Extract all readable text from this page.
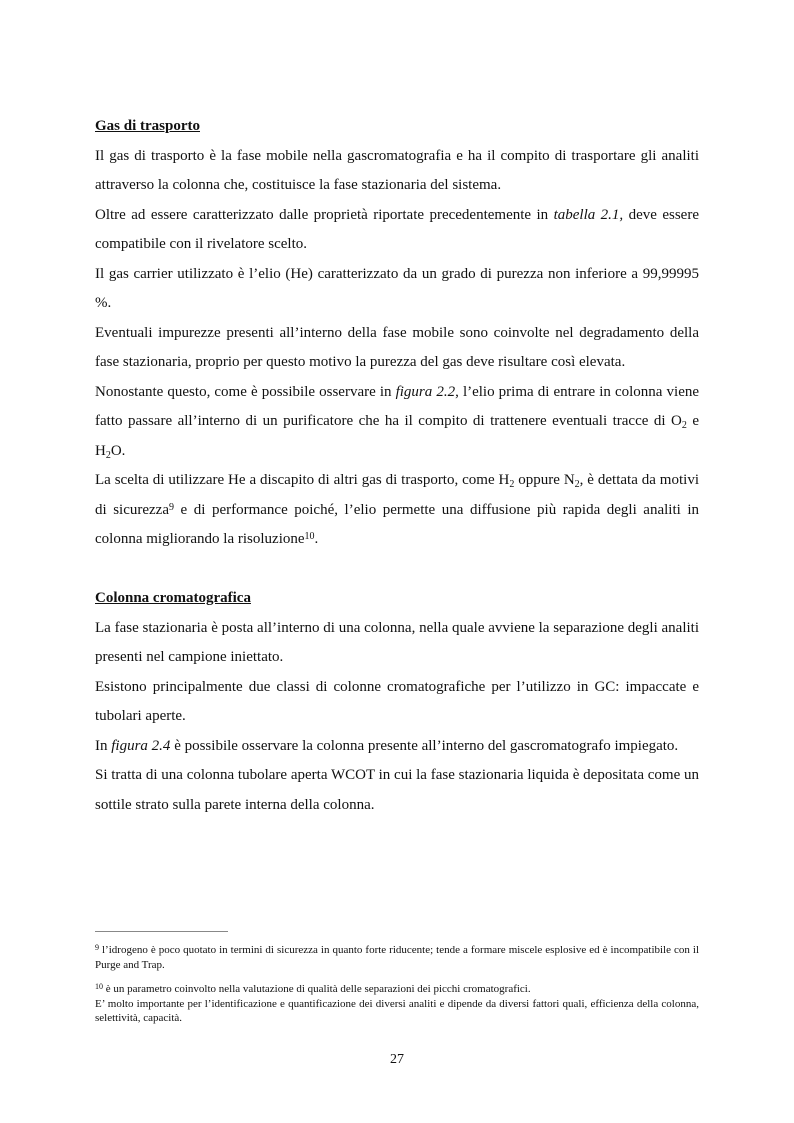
Gas di trasporto

Il gas di trasporto è la fase mobile nella gascromatografia e ha il compito di trasportare gli analiti attraverso la colonna che, costituisce la fase stazionaria del sistema.

Oltre ad essere caratterizzato dalle proprietà riportate precedentemente in tabella 2.1, deve essere compatibile con il rivelatore scelto.

Il gas carrier utilizzato è l’elio (He) caratterizzato da un grado di purezza non inferiore a 99,99995 %.

Eventuali impurezze presenti all’interno della fase mobile sono coinvolte nel degradamento della fase stazionaria, proprio per questo motivo la purezza del gas deve risultare così elevata.

Nonostante questo, come è possibile osservare in figura 2.2, l’elio prima di entrare in colonna viene fatto passare all’interno di un purificatore che ha il compito di trattenere eventuali tracce di $O_2$ e $H_2O$.

La scelta di utilizzare He a discapito di altri gas di trasporto, come $H_2$ oppure $N_2$, è dettata da motivi di sicurezza$^9$ e di performance poiché, l’elio permette una diffusione più rapida degli analiti in colonna migliorando la risoluzione$^{10}$.

Colonna cromatografica

La fase stazionaria è posta all’interno di una colonna, nella quale avviene la separazione degli analiti presenti nel campione iniettato.

Esistono principalmente due classi di colonne cromatografiche per l’utilizzo in GC: impaccate e tubolari aperte.

In figura 2.4 è possibile osservare la colonna presente all’interno del gascromatografo impiegato.

Si tratta di una colonna tubolare aperta WCOT in cui la fase stazionaria liquida è depositata come un sottile strato sulla parete interna della colonna.

$^9$ l’idrogeno è poco quotato in termini di sicurezza in quanto forte riducente; tende a formare miscele esplosive ed è incompatibile con il Purge and Trap.

$^{10}$ è un parametro coinvolto nella valutazione di qualità delle separazioni dei picchi cromatografici.

E’ molto importante per l’identificazione e quantificazione dei diversi analiti e dipende da diversi fattori quali, efficienza della colonna, selettività, capacità.

27
